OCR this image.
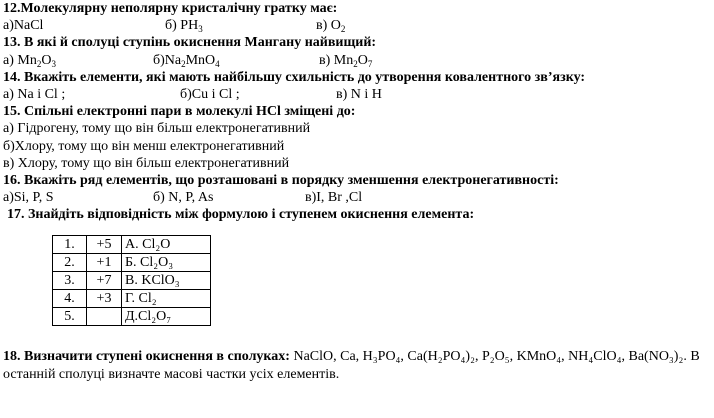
12.Молекулярну неполярну кристалічну гратку має:
а)NaCl	б) $PH_3$	в) $O_2$
13. В які й сполуці ступінь окиснення Мангану найвищий:
а) $Mn_2O_3$	$б)Na_2MnO_4$	в) $Mn_2O_7$
14. Вкажіть елементи, які мають найбільшу схильність до утворення ковалентного зв’язку:
а) Na і Cl ;	б)Cu і Cl ;	в) N і H
15. Спільні електронні пари в молекулі HCl зміщені до:
а) Гідрогену, тому що він більш електронегативний
б)Хлору, тому що він менш електронегативний
в) Хлору, тому що він більш електронегативний
16. Вкажіть ряд елементів, що розташовані в порядку зменшення електронегативності:
а)Si, P, S	б) N, P, As	в)I, Br ,Cl
17. Знайдіть відповідність між формулою і ступенем окиснення елемента:
1.	+5	А. Cl₂O
2.	+1	Б. Cl₂O₃
3.	+7	В. KClO₃
4.	+3	Г. Cl₂
5.		Д.Cl₂O₇
18. Визначити ступені окиснення в сполуках: NaClO, Ca, H₃PO₄, Ca(H₂PO₄)₂, P₂O₅, KMnO₄, NH₄ClO₄, Ba(NO₃)₂. В останній сполуці визначте масові частки усіх елементів.
